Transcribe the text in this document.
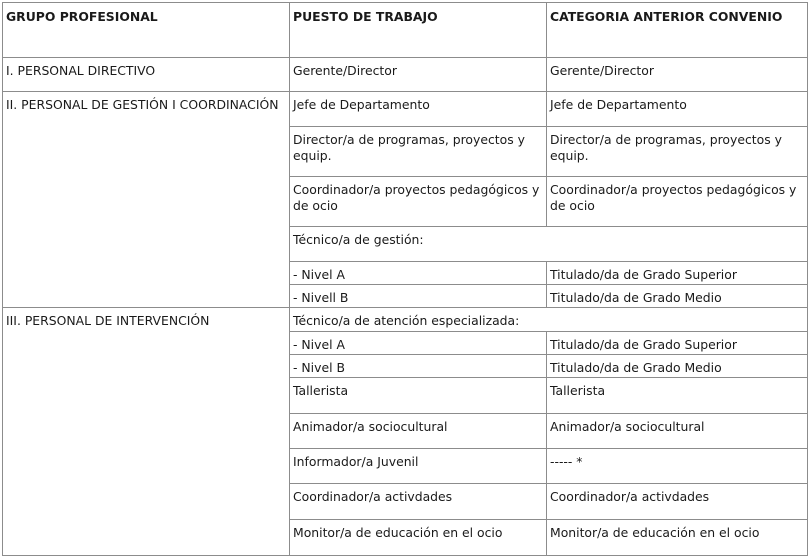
GRUPO PROFESIONAL	PUESTO DE TRABAJO	CATEGORIA ANTERIOR CONVENIO
I. PERSONAL DIRECTIVO	Gerente/Director	Gerente/Director
II. PERSONAL DE GESTIÓN I COORDINACIÓN	Jefe de Departamento	Jefe de Departamento
	Director/a de programas, proyectos y equip.	Director/a de programas, proyectos y equip.
	Coordinador/a proyectos pedagógicos y de ocio	Coordinador/a proyectos pedagógicos y de ocio
	Técnico/a de gestión:	
	- Nivel A	Titulado/da de Grado Superior
	- Nivell B	Titulado/da de Grado Medio
III. PERSONAL DE INTERVENCIÓN	Técnico/a de atención especializada:	
	- Nivel A	Titulado/da de Grado Superior
	- Nivel B	Titulado/da de Grado Medio
	Tallerista	Tallerista
	Animador/a sociocultural	Animador/a sociocultural
	Informador/a Juvenil	----- *
	Coordinador/a activdades	Coordinador/a activdades
	Monitor/a de educación en el ocio	Monitor/a de educación en el ocio
